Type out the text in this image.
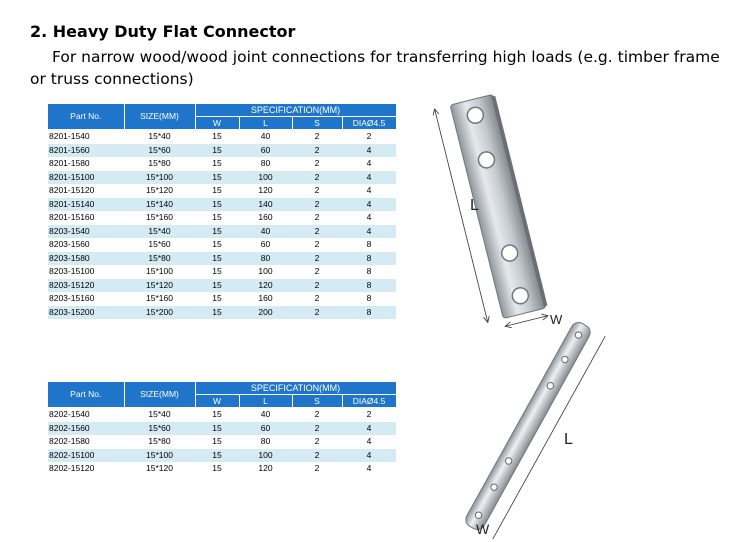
2. Heavy Duty Flat Connector
For narrow wood/wood joint connections for transferring high loads (e.g. timber frame or truss connections)
Part No.	SIZE(MM)	SPECIFICATION(MM)			
		W	L	S	DIAØ4.5
8201-1540	15*40	15	40	2	2
8201-1560	15*60	15	60	2	4
8201-1580	15*80	15	80	2	4
8201-15100	15*100	15	100	2	4
8201-15120	15*120	15	120	2	4
8201-15140	15*140	15	140	2	4
8201-15160	15*160	15	160	2	4
8203-1540	15*40	15	40	2	4
8203-1560	15*60	15	60	2	8
8203-1580	15*80	15	80	2	8
8203-15100	15*100	15	100	2	8
8203-15120	15*120	15	120	2	8
8203-15160	15*160	15	160	2	8
8203-15200	15*200	15	200	2	8
Part No.	SIZE(MM)	SPECIFICATION(MM)			
		W	L	S	DIAØ4.5
8202-1540	15*40	15	40	2	2
8202-1560	15*60	15	60	2	4
8202-1580	15*80	15	80	2	4
8202-15100	15*100	15	100	2	4
8202-15120	15*120	15	120	2	4
L
W
L
W
